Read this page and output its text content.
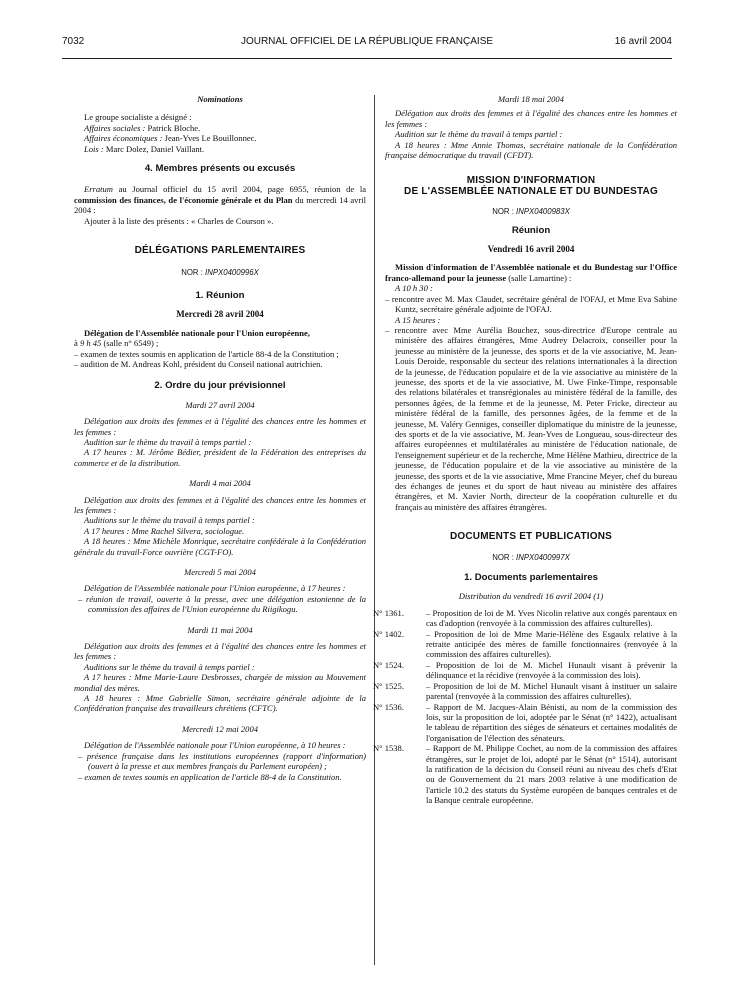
7032	JOURNAL OFFICIEL DE LA RÉPUBLIQUE FRANÇAISE	16 avril 2004

Nominations

Le groupe socialiste a désigné :

Affaires sociales : Patrick Bloche.

Affaires économiques : Jean-Yves Le Bouillonnec.

Lois : Marc Dolez, Daniel Vaillant.

4. Membres présents ou excusés

Erratum au Journal officiel du 15 avril 2004, page 6955, réunion de la commission des finances, de l'économie générale et du Plan du mercredi 14 avril 2004 :

Ajouter à la liste des présents : « Charles de Courson ».

DÉLÉGATIONS PARLEMENTAIRES

NOR : INPX0400996X

1. Réunion

Mercredi 28 avril 2004

Délégation de l'Assemblée nationale pour l'Union européenne,

à 9 h 45 (salle n° 6549) ;

– examen de textes soumis en application de l'article 88-4 de la Constitution ;

– audition de M. Andreas Kohl, président du Conseil national autrichien.

2. Ordre du jour prévisionnel

Mardi 27 avril 2004

Délégation aux droits des femmes et à l'égalité des chances entre les hommes et les femmes :

Audition sur le thème du travail à temps partiel :

A 17 heures : M. Jérôme Bédier, président de la Fédération des entreprises du commerce et de la distribution.

Mardi 4 mai 2004

Délégation aux droits des femmes et à l'égalité des chances entre les hommes et les femmes :

Auditions sur le thème du travail à temps partiel :

A 17 heures : Mme Rachel Silvera, sociologue.

A 18 heures : Mme Michèle Monrique, secrétaire confédérale à la Confédération générale du travail-Force ouvrière (CGT-FO).

Mercredi 5 mai 2004

Délégation de l'Assemblée nationale pour l'Union européenne, à 17 heures :

– réunion de travail, ouverte à la presse, avec une délégation estonienne de la commission des affaires de l'Union européenne du Riigikogu.

Mardi 11 mai 2004

Délégation aux droits des femmes et à l'égalité des chances entre les hommes et les femmes :

Auditions sur le thème du travail à temps partiel :

A 17 heures : Mme Marie-Laure Desbrosses, chargée de mission au Mouvement mondial des mères.

A 18 heures : Mme Gabrielle Simon, secrétaire générale adjointe de la Confédération française des travailleurs chrétiens (CFTC).

Mercredi 12 mai 2004

Délégation de l'Assemblée nationale pour l'Union européenne, à 10 heures :

– présence française dans les institutions européennes (rapport d'information) (ouvert à la presse et aux membres français du Parlement européen) ;

– examen de textes soumis en application de l'article 88-4 de la Constitution.

Mardi 18 mai 2004

Délégation aux droits des femmes et à l'égalité des chances entre les hommes et les femmes :

Audition sur le thème du travail à temps partiel :

A 18 heures : Mme Annie Thomas, secrétaire nationale de la Confédération française démocratique du travail (CFDT).

MISSION D'INFORMATION

DE L'ASSEMBLÉE NATIONALE ET DU BUNDESTAG

NOR : INPX0400983X

Réunion

Vendredi 16 avril 2004

Mission d'information de l'Assemblée nationale et du Bundestag sur l'Office franco-allemand pour la jeunesse (salle Lamartine) :

A 10 h 30 :

– rencontre avec M. Max Claudet, secrétaire général de l'OFAJ, et Mme Eva Sabine Kuntz, secrétaire générale adjointe de l'OFAJ.

A 15 heures :

– rencontre avec Mme Aurélia Bouchez, sous-directrice d'Europe centrale au ministère des affaires étrangères, Mme Audrey Delacroix, conseiller pour la jeunesse au ministère de la jeunesse, des sports et de la vie associative, M. Jean-Louis Deroide, responsable du secteur des relations internationales à la direction de la jeunesse, de l'éducation populaire et de la vie associative au ministère de la jeunesse, des sports et de la vie associative, M. Uwe Finke-Timpe, responsable des relations bilatérales et transrégionales au ministère fédéral de la famille, des personnes âgées, de la femme et de la jeunesse, M. Peter Fricke, directeur au ministère fédéral de la famille, des personnes âgées, de la femme et de la jeunesse, M. Valéry Genniges, conseiller diplomatique du ministre de la jeunesse, des sports et de la vie associative, M. Jean-Yves de Longueau, sous-directeur des affaires européennes et multilatérales au ministère de l'éducation nationale, de l'enseignement supérieur et de la recherche, Mme Hélène Mathieu, directrice de la jeunesse, de l'éducation populaire et de la vie associative au ministère de la jeunesse, des sports et de la vie associative, Mme Francine Meyer, chef du bureau des échanges de jeunes et du sport de haut niveau au ministère des affaires étrangères, et M. Xavier North, directeur de la coopération culturelle et du français au ministère des affaires étrangères.

DOCUMENTS ET PUBLICATIONS

NOR : INPX0400997X

1. Documents parlementaires

Distribution du vendredi 16 avril 2004 (1)

N° 1361.	– Proposition de loi de M. Yves Nicolin relative aux congés parentaux en cas d'adoption (renvoyée à la commission des affaires culturelles).
N° 1402.	– Proposition de loi de Mme Marie-Hélène des Esgaulx relative à la retraite anticipée des mères de famille fonctionnaires (renvoyée à la commission des affaires culturelles).
N° 1524.	– Proposition de loi de M. Michel Hunault visant à prévenir la délinquance et la récidive (renvoyée à la commission des lois).
N° 1525.	– Proposition de loi de M. Michel Hunault visant à instituer un salaire parental (renvoyée à la commission des affaires culturelles).
N° 1536.	– Rapport de M. Jacques-Alain Bénisti, au nom de la commission des lois, sur la proposition de loi, adoptée par le Sénat (n° 1422), actualisant le tableau de répartition des sièges de sénateurs et certaines modalités de l'organisation de l'élection des sénateurs.
N° 1538.	– Rapport de M. Philippe Cochet, au nom de la commission des affaires étrangères, sur le projet de loi, adopté par le Sénat (n° 1514), autorisant la ratification de la décision du Conseil réuni au niveau des chefs d'Etat ou de Gouvernement du 21 mars 2003 relative à une modification de l'article 10.2 des statuts du Système européen de banques centrales et de la Banque centrale européenne.
